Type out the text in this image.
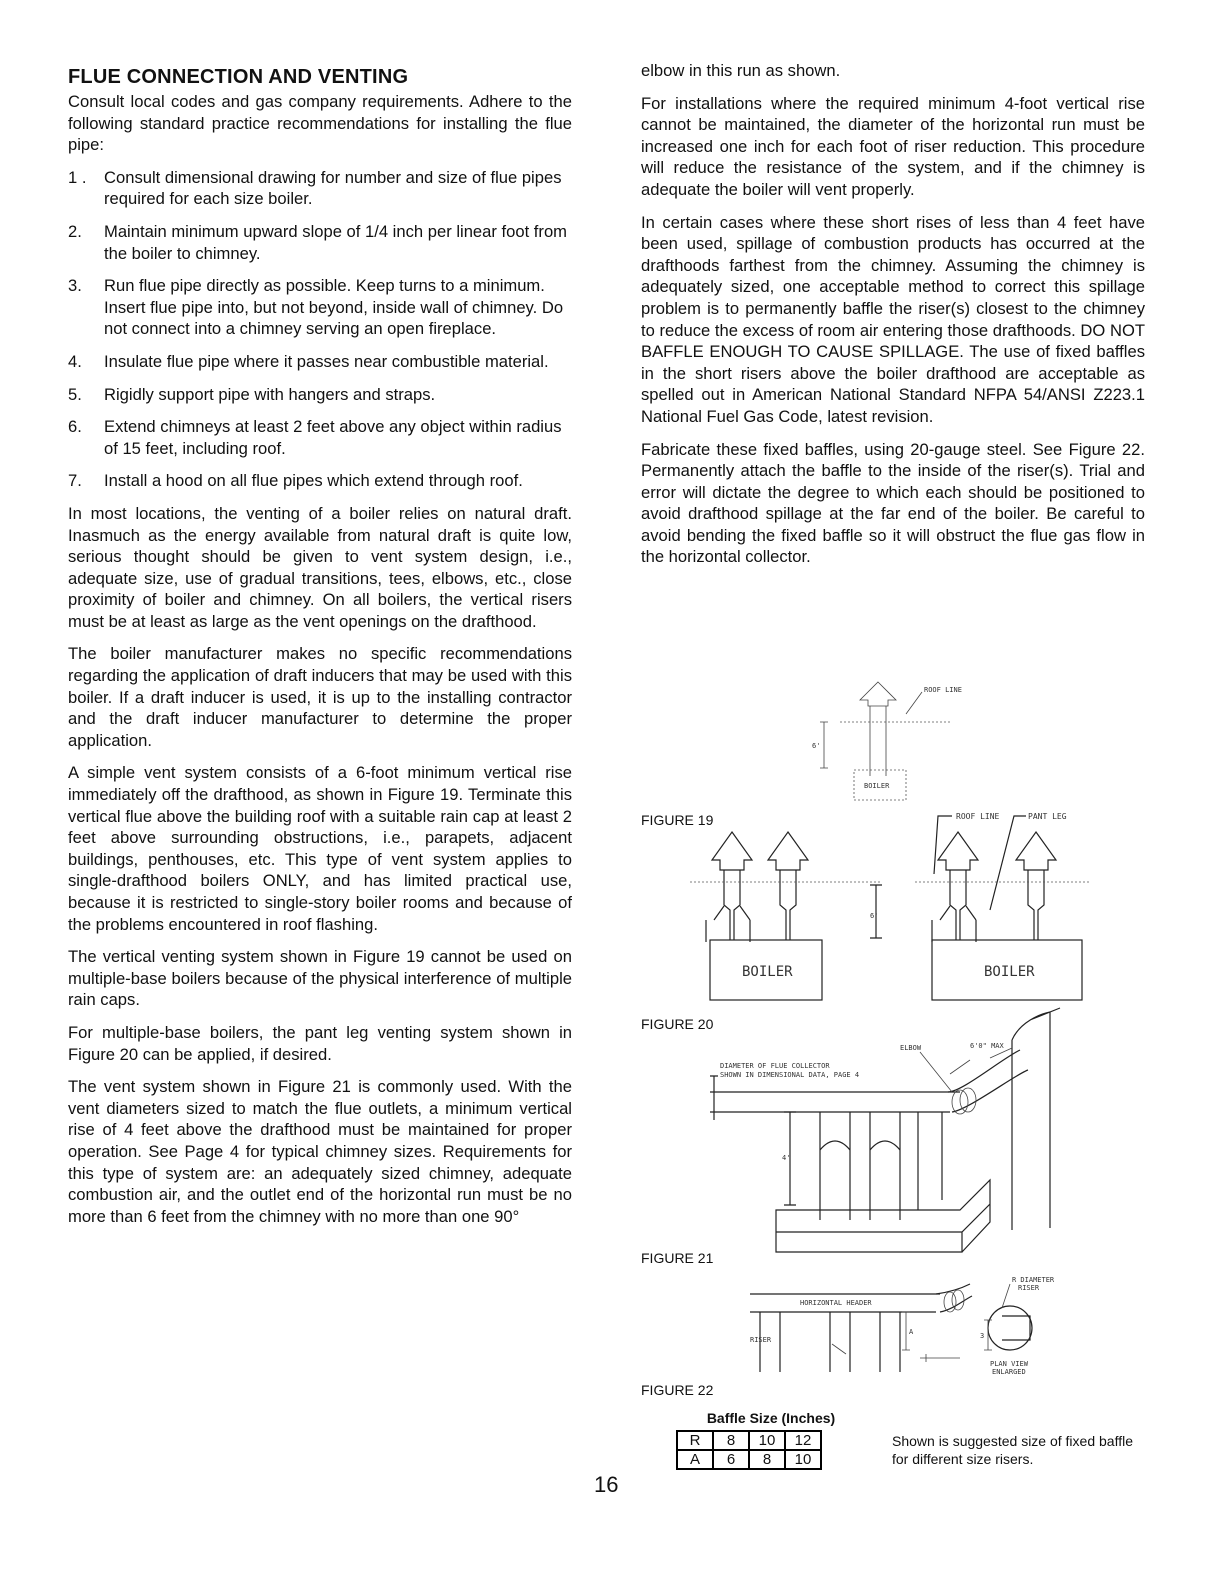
FLUE CONNECTION AND VENTING

Consult local codes and gas company requirements. Adhere to the following standard practice recommendations for installing the flue pipe:

1 . Consult dimensional drawing for number and size of flue pipes required for each size boiler.
2. Maintain minimum upward slope of 1/4 inch per linear foot from the boiler to chimney.
3. Run flue pipe directly as possible. Keep turns to a minimum. Insert flue pipe into, but not beyond, inside wall of chimney. Do not connect into a chimney serving an open fireplace.
4. Insulate flue pipe where it passes near combustible material.
5. Rigidly support pipe with hangers and straps.
6. Extend chimneys at least 2 feet above any object within radius of 15 feet, including roof.
7. Install a hood on all flue pipes which extend through roof.

In most locations, the venting of a boiler relies on natural draft. Inasmuch as the energy available from natural draft is quite low, serious thought should be given to vent system design, i.e., adequate size, use of gradual transitions, tees, elbows, etc., close proximity of boiler and chimney. On all boilers, the vertical risers must be at least as large as the vent openings on the drafthood.

The boiler manufacturer makes no specific recommendations regarding the application of draft inducers that may be used with this boiler. If a draft inducer is used, it is up to the installing contractor and the draft inducer manufacturer to determine the proper application.

A simple vent system consists of a 6-foot minimum vertical rise immediately off the drafthood, as shown in Figure 19. Terminate this vertical flue above the building roof with a suitable rain cap at least 2 feet above surrounding obstructions, i.e., parapets, adjacent buildings, penthouses, etc. This type of vent system applies to single-drafthood boilers ONLY, and has limited practical use, because it is restricted to single-story boiler rooms and because of the problems encountered in roof flashing.

The vertical venting system shown in Figure 19 cannot be used on multiple-base boilers because of the physical interference of multiple rain caps.

For multiple-base boilers, the pant leg venting system shown in Figure 20 can be applied, if desired.

The vent system shown in Figure 21 is commonly used. With the vent diameters sized to match the flue outlets, a minimum vertical rise of 4 feet above the drafthood must be maintained for proper operation. See Page 4 for typical chimney sizes. Requirements for this type of system are: an adequately sized chimney, adequate combustion air, and the outlet end of the horizontal run must be no more than 6 feet from the chimney with no more than one 90°

elbow in this run as shown.

For installations where the required minimum 4-foot vertical rise cannot be maintained, the diameter of the horizontal run must be increased one inch for each foot of riser reduction. This procedure will reduce the resistance of the system, and if the chimney is adequate the boiler will vent properly.

In certain cases where these short rises of less than 4 feet have been used, spillage of combustion products has occurred at the drafthoods farthest from the chimney. Assuming the chimney is adequately sized, one acceptable method to correct this spillage problem is to permanently baffle the riser(s) closest to the chimney to reduce the excess of room air entering those drafthoods. DO NOT BAFFLE ENOUGH TO CAUSE SPILLAGE. The use of fixed baffles in the short risers above the boiler drafthood are acceptable as spelled out in American National Standard NFPA 54/ANSI Z223.1 National Fuel Gas Code, latest revision.

Fabricate these fixed baffles, using 20-gauge steel. See Figure 22. Permanently attach the baffle to the inside of the riser(s). Trial and error will dictate the degree to which each should be positioned to avoid drafthood spillage at the far end of the boiler. Be careful to avoid bending the fixed baffle so it will obstruct the flue gas flow in the horizontal collector.

FIGURE 19
FIGURE 20
FIGURE 21
FIGURE 22
6'
BOILER
ROOF LINE
6'
BOILER	BOILER
ROOF LINE	PANT LEG
4'
DIAMETER OF FLUE COLLECTOR
SHOWN IN DIMENSIONAL DATA, PAGE 4
ELBOW	6'0" MAX
HORIZONTAL HEADER
RISER
A	3
R DIAMETER
RISER
PLAN VIEW
ENLARGED
Baffle Size (Inches)
R	8	10	12
A	6	8	10
Shown is suggested size of fixed baffle for different size risers.
16
